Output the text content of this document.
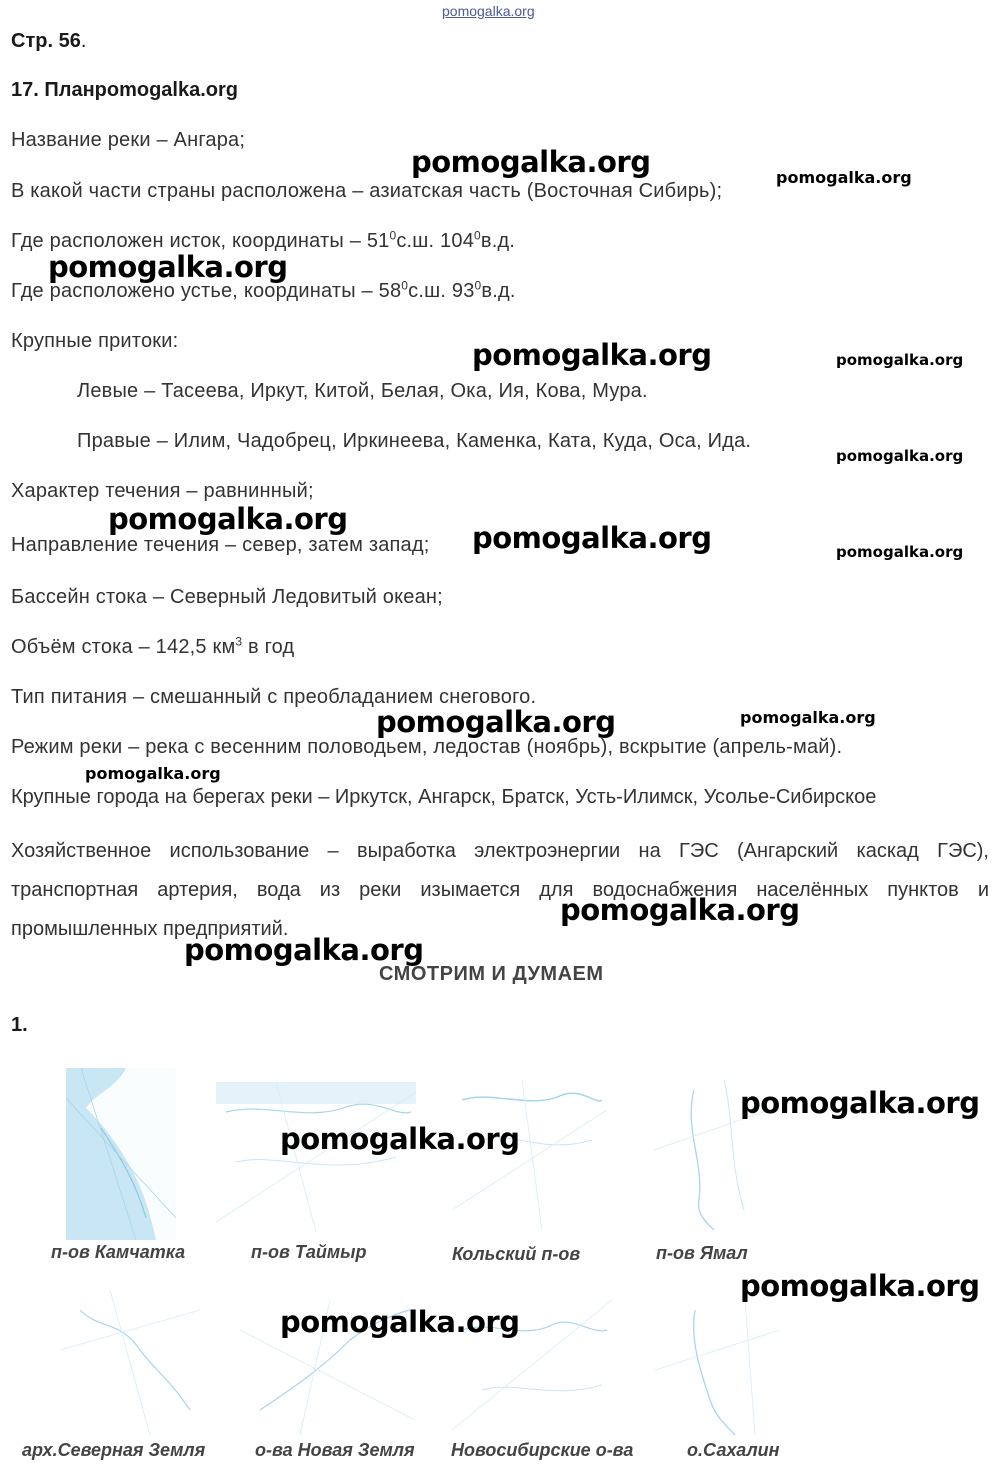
pomogalka.org
Стр. 56.
17. Планpomogalka.org
Название реки – Ангара;
В какой части страны расположена – азиатская часть (Восточная Сибирь);
Где расположен исток, координаты – $51^0с.ш$. $104^0в.д$.
Где расположено устье, координаты – $58^0с.ш$. $93^0в.д$.
Крупные притоки:
Левые – Тасеева, Иркут, Китой, Белая, Ока, Ия, Кова, Мура.
Правые – Илим, Чадобрец, Иркинеева, Каменка, Ката, Куда, Оса, Ида.
Характер течения – равнинный;
Направление течения – север, затем запад;
Бассейн стока – Северный Ледовитый океан;
Объём стока – 142,5 $км^3$ в год
Тип питания – смешанный с преобладанием снегового.
Режим реки – река с весенним половодьем, ледостав (ноябрь), вскрытие (апрель-май).
Крупные города на берегах реки – Иркутск, Ангарск, Братск, Усть-Илимск, Усолье-Сибирское
Хозяйственное использование – выработка электроэнергии на ГЭС (Ангарский каскад ГЭС), транспортная артерия, вода из реки изымается для водоснабжения населённых пунктов и промышленных предприятий.
СМОТРИМ И ДУМАЕМ
1.
п-ов Камчатка	п-ов Таймыр	Кольский п-ов	п-ов Ямал
арх.Северная Земля	о-ва Новая Земля Новосибирские о-ва	о.Сахалин
pomogalka.org	pomogalka.org
pomogalka.org
pomogalka.org	pomogalka.org
pomogalka.org
pomogalka.org
pomogalka.org	pomogalka.org
pomogalka.org	pomogalka.org
pomogalka.org
pomogalka.org
pomogalka.org
pomogalka.org
pomogalka.org
pomogalka.org
pomogalka.org
